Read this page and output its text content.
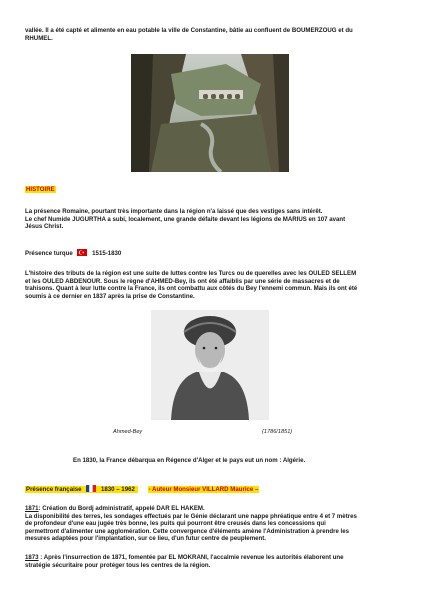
vallée. Il a été capté et alimente en eau potable la ville de Constantine, bâtie au confluent de BOUMERZOUG et du
RHUMEL.
HISTOIRE
La présence Romaine, pourtant très importante dans la région n'a laissé que des vestiges sans intérêt.
Le chef Numide JUGURTHA a subi, localement, une grande défaite devant les légions de MARIUS en 107 avant
Jésus Christ.
Présence turque	1515-1830
L'histoire des tributs de la région est une suite de luttes contre les Turcs ou de querelles avec les OULED SELLEM
et les OULED ABDENOUR. Sous le règne d'AHMED-Bey, ils ont été affaiblis par une série de massacres et de
trahisons. Quant à leur lutte contre la France, ils ont combattu aux côtés du Bey l'ennemi commun. Mais ils ont été
soumis à ce dernier en 1837 après la prise de Constantine.
Ahmed-Bey	(1786/1851)
En 1830, la France débarqua en Régence d'Alger et le pays eut un nom : Algérie.
Présence française	1830 – 1962 - Auteur Monsieur VILLARD Maurice –
1871: Création du Bordj administratif, appelé DAR EL HAKEM.
La disponibilité des terres, les sondages effectués par le Génie déclarant une nappe phréatique entre 4 et 7 mètres
de profondeur d'une eau jugée très bonne, les puits qui pourront être creusés dans les concessions qui
permettront d'alimenter une agglomération. Cette convergence d'éléments amène l'Administration à prendre les
mesures adaptées pour l'implantation, sur ce lieu, d'un futur centre de peuplement.
1873 : Après l'insurrection de 1871, fomentée par EL MOKRANI, l'accalmie revenue les autorités élaborent une
stratégie sécuritaire pour protéger tous les centres de la région.
